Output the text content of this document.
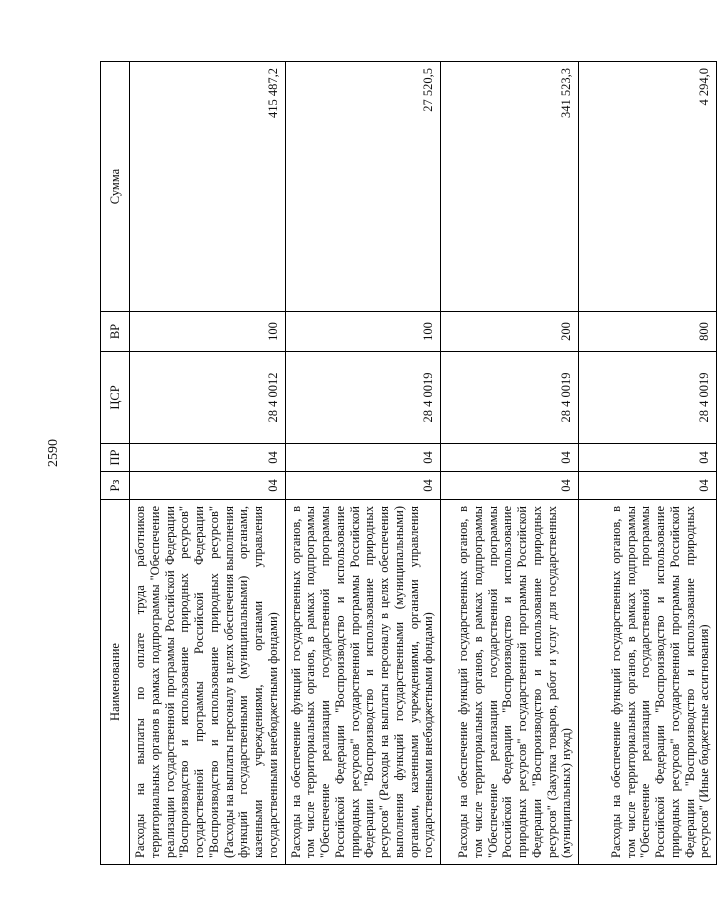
2590
Наименование	Рз	ПР	ЦСР	ВР	Сумма
Расходы на выплаты по оплате труда работников территориальных органов в рамках подпрограммы "Обеспечение реализации государственной программы Российской Федерации "Воспроизводство и использование природных ресурсов" государственной программы Российской Федерации "Воспроизводство и использование природных ресурсов" (Расходы на выплаты персоналу в целях обеспечения выполнения функций государственными (муниципальными) органами, казенными учреждениями, органами управления государственными внебюджетными фондами)	04	04	28 4 0012	100	415 487,2
Расходы на обеспечение функций государственных органов, в том числе территориальных органов, в рамках подпрограммы "Обеспечение реализации государственной программы Российской Федерации "Воспроизводство и использование природных ресурсов" государственной программы Российской Федерации "Воспроизводство и использование природных ресурсов" (Расходы на выплаты персоналу в целях обеспечения выполнения функций государственными (муниципальными) органами, казенными учреждениями, органами управления государственными внебюджетными фондами)	04	04	28 4 0019	100	27 520,5
Расходы на обеспечение функций государственных органов, в том числе территориальных органов, в рамках подпрограммы "Обеспечение реализации государственной программы Российской Федерации "Воспроизводство и использование природных ресурсов" государственной программы Российской Федерации "Воспроизводство и использование природных ресурсов" (Закупка товаров, работ и услуг для государственных (муниципальных) нужд)	04	04	28 4 0019	200	341 523,3
Расходы на обеспечение функций государственных органов, в том числе территориальных органов, в рамках подпрограммы "Обеспечение реализации государственной программы Российской Федерации "Воспроизводство и использование природных ресурсов" государственной программы Российской Федерации "Воспроизводство и использование природных ресурсов" (Иные бюджетные ассигнования)	04	04	28 4 0019	800	4 294,0
